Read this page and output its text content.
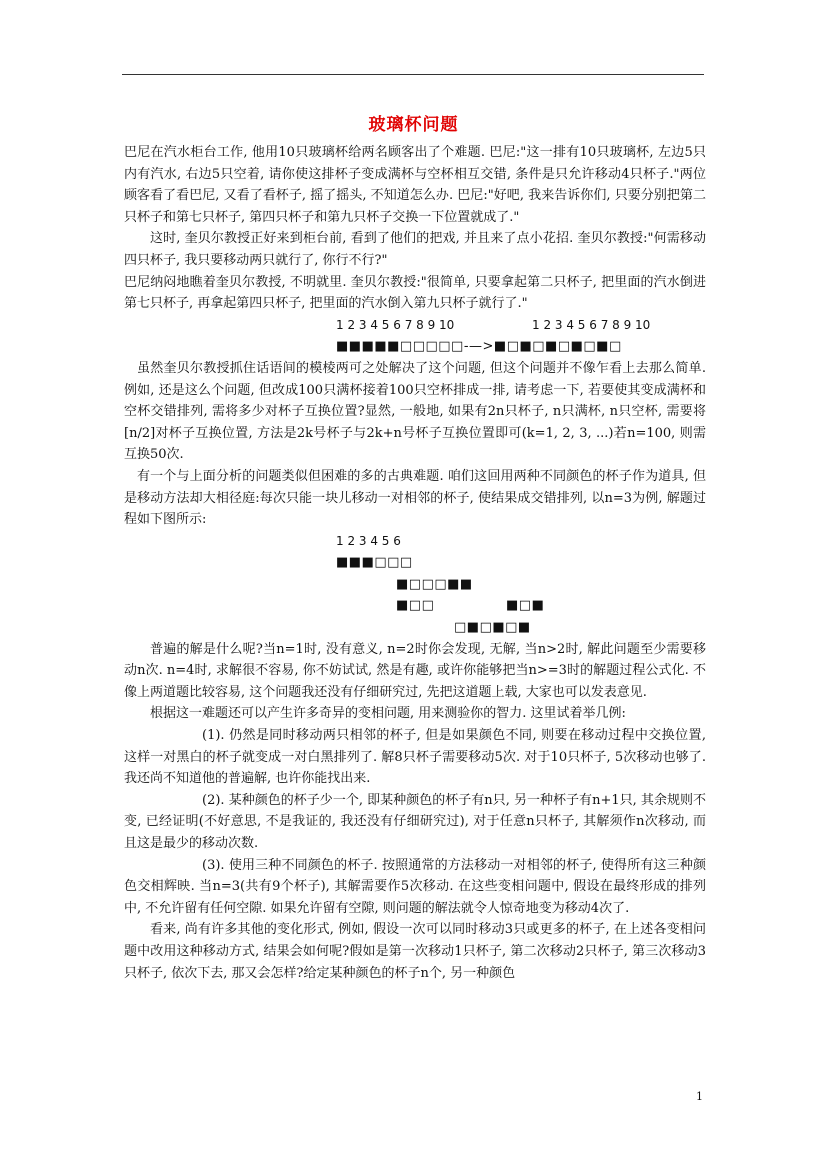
玻璃杯问题

巴尼在汽水柜台工作, 他用10只玻璃杯给两名顾客出了个难题. 巴尼:"这一排有10只玻璃杯, 左边5只内有汽水, 右边5只空着, 请你使这排杯子变成满杯与空杯相互交错, 条件是只允许移动4只杯子."两位顾客看了看巴尼, 又看了看杯子, 摇了摇头, 不知道怎么办. 巴尼:"好吧, 我来告诉你们, 只要分别把第二只杯子和第七只杯子, 第四只杯子和第九只杯子交换一下位置就成了."

这时, 奎贝尔教授正好来到柜台前, 看到了他们的把戏, 并且来了点小花招. 奎贝尔教授:"何需移动四只杯子, 我只要移动两只就行了, 你行不行?"

巴尼纳闷地瞧着奎贝尔教授, 不明就里. 奎贝尔教授:"很简单, 只要拿起第二只杯子, 把里面的汽水倒进第七只杯子, 再拿起第四只杯子, 把里面的汽水倒入第九只杯子就行了."

1 2 3 4 5 6 7 8 9 10	1 2 3 4 5 6 7 8 9 10
■■■■■□□□□□-—>■□■□■□■□■□

虽然奎贝尔教授抓住话语间的模棱两可之处解决了这个问题, 但这个问题并不像乍看上去那么简单. 例如, 还是这么个问题, 但改成100只满杯接着100只空杯排成一排, 请考虑一下, 若要使其变成满杯和空杯交错排列, 需将多少对杯子互换位置?显然, 一般地, 如果有2n只杯子, n只满杯, n只空杯, 需要将[n/2]对杯子互换位置, 方法是2k号杯子与2k+n号杯子互换位置即可(k=1, 2, 3, ...)若n=100, 则需互换50次.

有一个与上面分析的问题类似但困难的多的古典难题. 咱们这回用两种不同颜色的杯子作为道具, 但是移动方法却大相径庭:每次只能一块儿移动一对相邻的杯子, 使结果成交错排列, 以n=3为例, 解题过程如下图所示:

1 2 3 4 5 6
■■■□□□
■□□□■■
■□□	■□■
□■□■□■

普遍的解是什么呢?当n=1时, 没有意义, n=2时你会发现, 无解, 当n>2时, 解此问题至少需要移动n次. n=4时, 求解很不容易, 你不妨试试, 然是有趣, 或许你能够把当n>=3时的解题过程公式化. 不像上两道题比较容易, 这个问题我还没有仔细研究过, 先把这道题上载, 大家也可以发表意见.

根据这一难题还可以产生许多奇异的变相问题, 用来测验你的智力. 这里试着举几例:

(1). 仍然是同时移动两只相邻的杯子, 但是如果颜色不同, 则要在移动过程中交换位置, 这样一对黑白的杯子就变成一对白黑排列了. 解8只杯子需要移动5次. 对于10只杯子, 5次移动也够了. 我还尚不知道他的普遍解, 也许你能找出来.

(2). 某种颜色的杯子少一个, 即某种颜色的杯子有n只, 另一种杯子有n+1只, 其余规则不变, 已经证明(不好意思, 不是我证的, 我还没有仔细研究过), 对于任意n只杯子, 其解须作n次移动, 而且这是最少的移动次数.

(3). 使用三种不同颜色的杯子. 按照通常的方法移动一对相邻的杯子, 使得所有这三种颜色交相辉映. 当n=3(共有9个杯子), 其解需要作5次移动. 在这些变相问题中, 假设在最终形成的排列中, 不允许留有任何空隙. 如果允许留有空隙, 则问题的解法就令人惊奇地变为移动4次了.

看来, 尚有许多其他的变化形式, 例如, 假设一次可以同时移动3只或更多的杯子, 在上述各变相问题中改用这种移动方式, 结果会如何呢?假如是第一次移动1只杯子, 第二次移动2只杯子, 第三次移动3只杯子, 依次下去, 那又会怎样?给定某种颜色的杯子n个, 另一种颜色

1
